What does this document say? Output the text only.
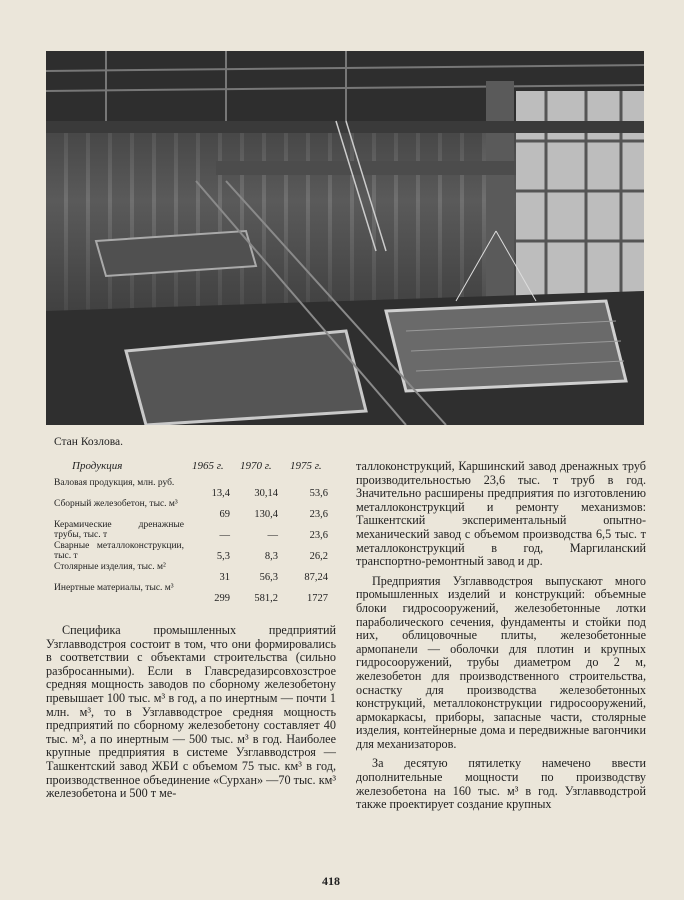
Стан Козлова.
Продукция	1965 г. 1970 г. 1975 г.
Валовая продукция, млн. руб.
13,4	30,14	53,6
Сборный железобетон, тыс. м³
69	130,4	23,6
Керамические дренажные трубы, тыс. т	—	—	23,6
Сварные металлоконструкции, тыс. т	5,3	8,3	26,2
Столярные изделия, тыс. м²
31	56,3	87,24
Инертные материалы, тыс. м³
299	581,2	1727

Специфика промышленных предприятий Узглавводстроя состоит в том, что они формировались в соответствии с объектами строительства (сильно разбросанными). Если в Главсредазирсовхозстрое средняя мощность заводов по сборному железобетону превышает 100 тыс. м³ в год, а по инертным — почти 1 млн. м³, то в Узглавводстрое средняя мощность предприятий по сборному железобетону составляет 40 тыс. м³, а по инертным — 500 тыс. м³ в год. Наиболее крупные предприятия в системе Узглавводстроя — Ташкентский завод ЖБИ с объемом 75 тыс. км³ в год, производственное объединение «Сурхан» —70 тыс. км³ железобетона и 500 т ме-

таллоконструкций, Каршинский завод дренажных труб производительностью 23,6 тыс. т труб в год. Значительно расширены предприятия по изготовлению металлоконструкций и ремонту механизмов: Ташкентский экспериментальный опытно-механический завод с объемом производства 6,5 тыс. т металлоконструкций в год, Маргиланский транспортно-ремонтный завод и др.

Предприятия Узглавводстроя выпускают много промышленных изделий и конструкций: объемные блоки гидросооружений, железобетонные лотки параболического сечения, фундаменты и стойки под них, облицовочные плиты, железобетонные армопанели — оболочки для плотин и крупных гидросооружений, трубы диаметром до 2 м, железобетон для производственного строительства, оснастку для производства железобетонных конструкций, металлоконструкции гидросооружений, армокаркасы, приборы, запасные части, столярные изделия, контейнерные дома и передвижные вагончики для механизаторов.

За десятую пятилетку намечено ввести дополнительные мощности по производству железобетона на 160 тыс. м³ в год. Узглавводстрой также проектирует создание крупных

418
